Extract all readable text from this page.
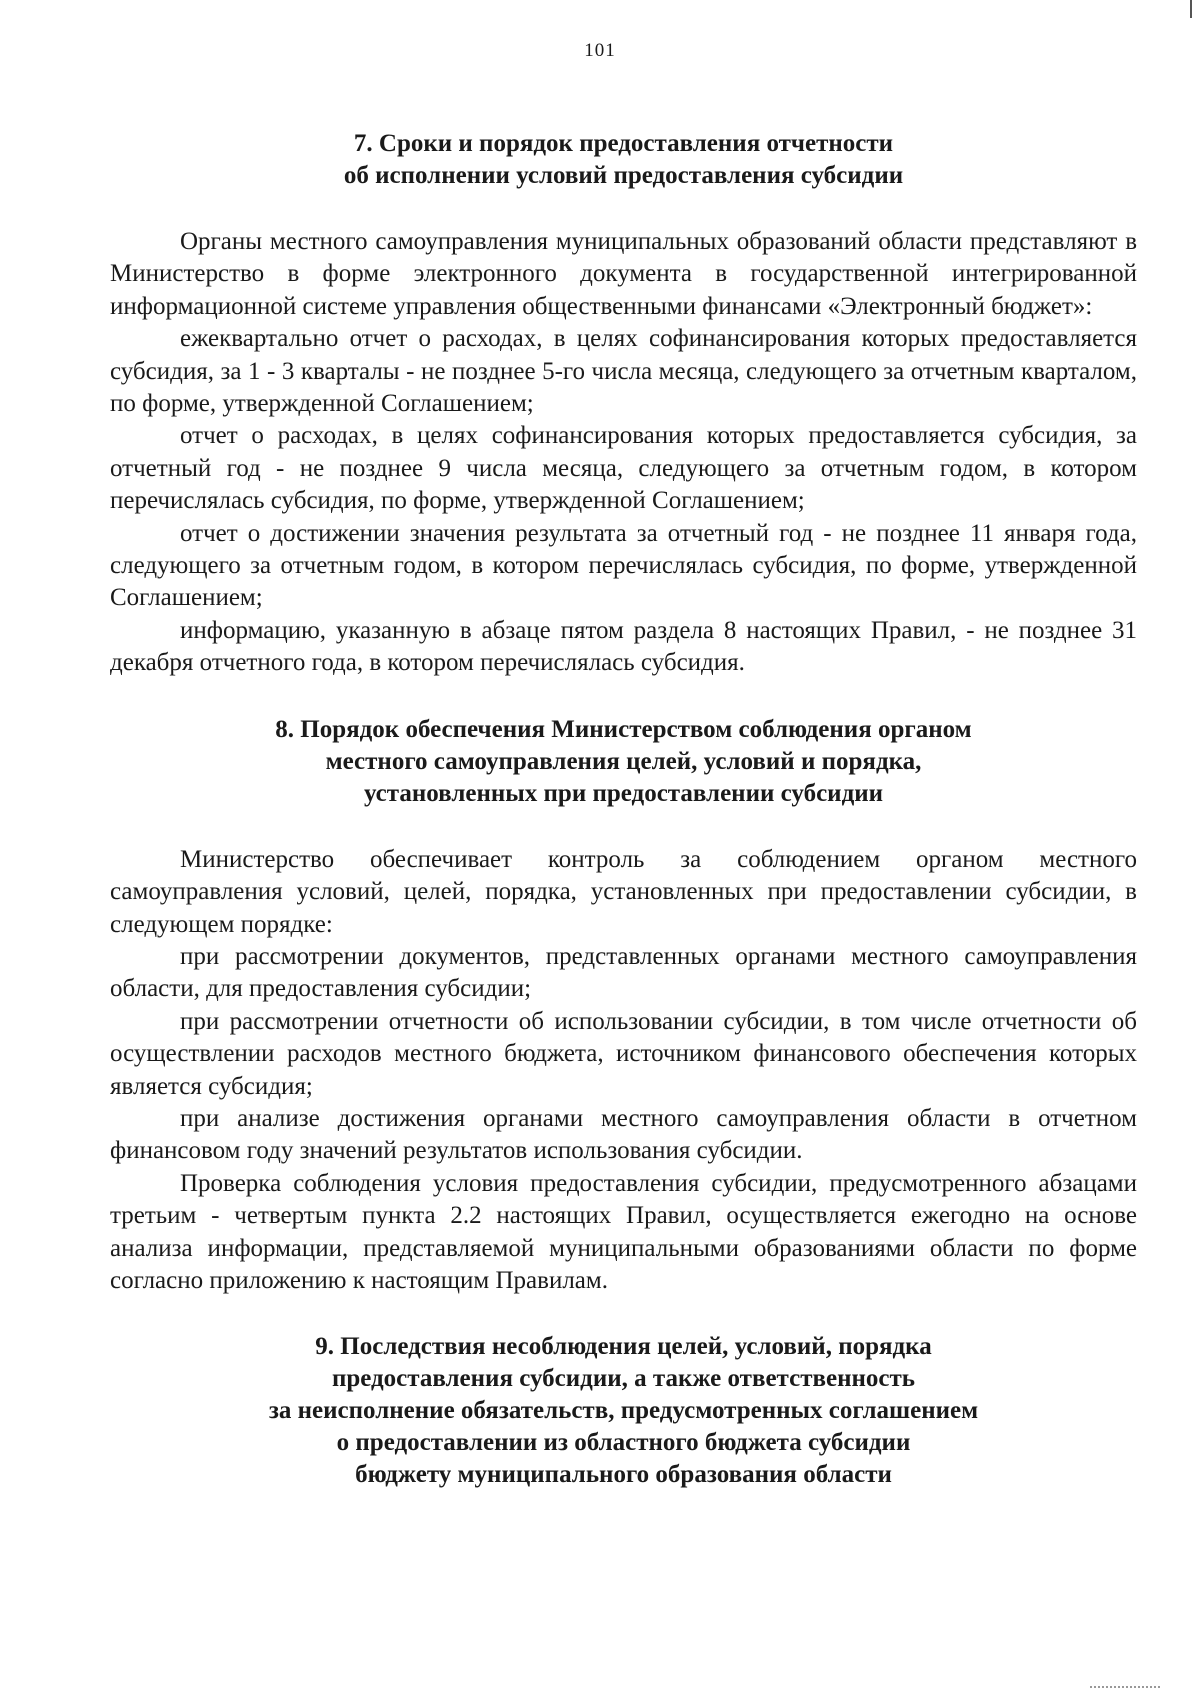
101
7. Сроки и порядок предоставления отчетности
об исполнении условий предоставления субсидии

Органы местного самоуправления муниципальных образований области представляют в Министерство в форме электронного документа в государственной интегрированной информационной системе управления общественными финансами «Электронный бюджет»:

ежеквартально отчет о расходах, в целях софинансирования которых предоставляется субсидия, за 1 - 3 кварталы - не позднее 5-го числа месяца, следующего за отчетным кварталом, по форме, утвержденной Соглашением;

отчет о расходах, в целях софинансирования которых предоставляется субсидия, за отчетный год - не позднее 9 числа месяца, следующего за отчетным годом, в котором перечислялась субсидия, по форме, утвержденной Соглашением;

отчет о достижении значения результата за отчетный год - не позднее 11 января года, следующего за отчетным годом, в котором перечислялась субсидия, по форме, утвержденной Соглашением;

информацию, указанную в абзаце пятом раздела 8 настоящих Правил, - не позднее 31 декабря отчетного года, в котором перечислялась субсидия.

8. Порядок обеспечения Министерством соблюдения органом
местного самоуправления целей, условий и порядка,
установленных при предоставлении субсидии

Министерство обеспечивает контроль за соблюдением органом местного самоуправления условий, целей, порядка, установленных при предоставлении субсидии, в следующем порядке:

при рассмотрении документов, представленных органами местного самоуправления области, для предоставления субсидии;

при рассмотрении отчетности об использовании субсидии, в том числе отчетности об осуществлении расходов местного бюджета, источником финансового обеспечения которых является субсидия;

при анализе достижения органами местного самоуправления области в отчетном финансовом году значений результатов использования субсидии.

Проверка соблюдения условия предоставления субсидии, предусмотренного абзацами третьим - четвертым пункта 2.2 настоящих Правил, осуществляется ежегодно на основе анализа информации, представляемой муниципальными образованиями области по форме согласно приложению к настоящим Правилам.

9. Последствия несоблюдения целей, условий, порядка
предоставления субсидии, а также ответственность
за неисполнение обязательств, предусмотренных соглашением
о предоставлении из областного бюджета субсидии
бюджету муниципального образования области
